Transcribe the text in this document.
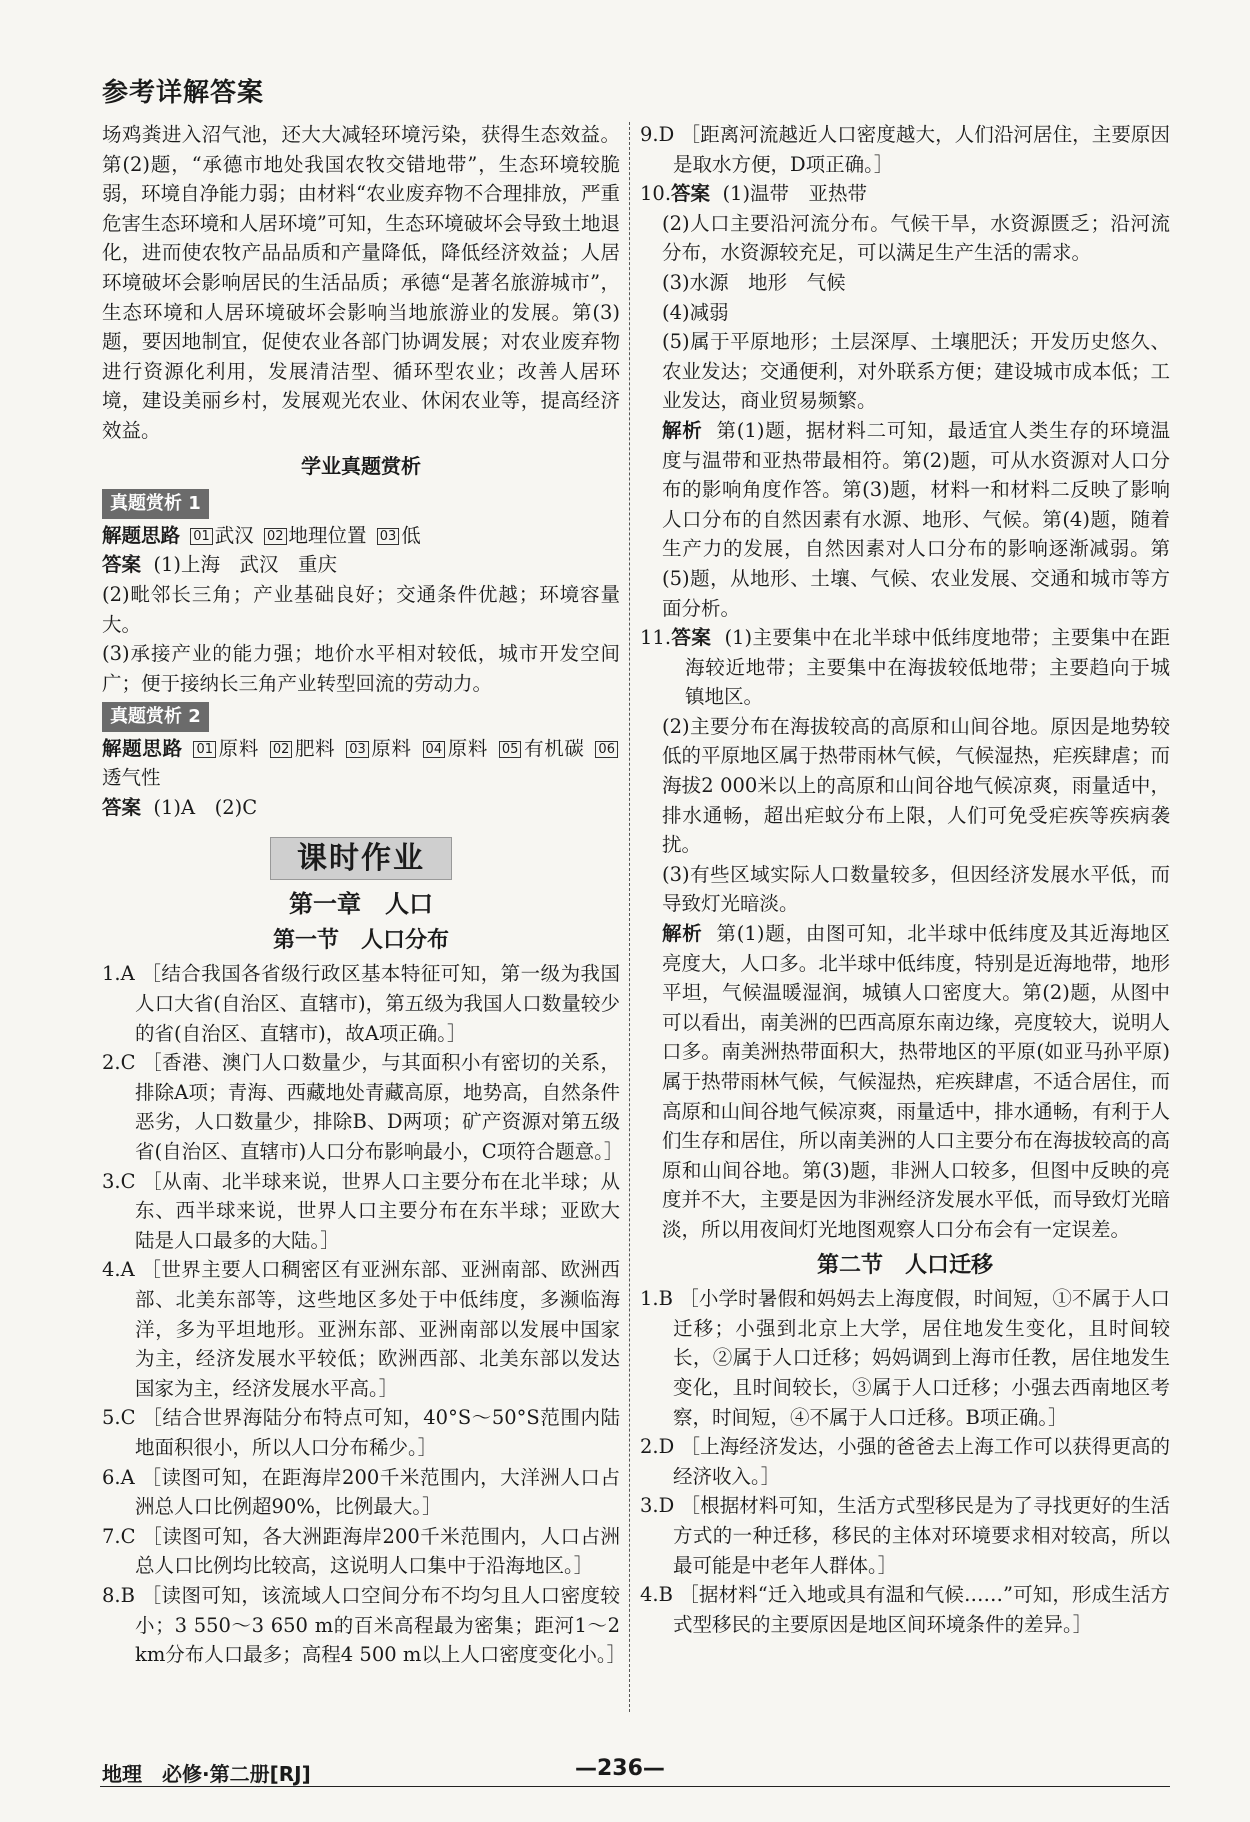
参考详解答案

场鸡粪进入沼气池，还大大减轻环境污染，获得生态效益。第(2)题，“承德市地处我国农牧交错地带”，生态环境较脆弱，环境自净能力弱；由材料“农业废弃物不合理排放，严重危害生态环境和人居环境”可知，生态环境破坏会导致土地退化，进而使农牧产品品质和产量降低，降低经济效益；人居环境破坏会影响居民的生活品质；承德“是著名旅游城市”，生态环境和人居环境破坏会影响当地旅游业的发展。第(3)题，要因地制宜，促使农业各部门协调发展；对农业废弃物进行资源化利用，发展清洁型、循环型农业；改善人居环境，建设美丽乡村，发展观光农业、休闲农业等，提高经济效益。

学业真题赏析
真题赏析 1

解题思路 01 武汉 02 地理位置 03 低

答案 (1)上海　武汉　重庆

(2)毗邻长三角；产业基础良好；交通条件优越；环境容量大。

(3)承接产业的能力强；地价水平相对较低，城市开发空间广；便于接纳长三角产业转型回流的劳动力。

真题赏析 2

解题思路 01 原料 02 肥料 03 原料 04 原料 05 有机碳 06透气性

答案 (1)A　(2)C

课时作业
第一章　人口
第一节　人口分布

1.A ［结合我国各省级行政区基本特征可知，第一级为我国人口大省(自治区、直辖市)，第五级为我国人口数量较少的省(自治区、直辖市)，故A项正确。］

2.C ［香港、澳门人口数量少，与其面积小有密切的关系，排除A项；青海、西藏地处青藏高原，地势高，自然条件恶劣，人口数量少，排除B、D两项；矿产资源对第五级省(自治区、直辖市)人口分布影响最小，C项符合题意。］

3.C ［从南、北半球来说，世界人口主要分布在北半球；从东、西半球来说，世界人口主要分布在东半球；亚欧大陆是人口最多的大陆。］

4.A ［世界主要人口稠密区有亚洲东部、亚洲南部、欧洲西部、北美东部等，这些地区多处于中低纬度，多濒临海洋，多为平坦地形。亚洲东部、亚洲南部以发展中国家为主，经济发展水平较低；欧洲西部、北美东部以发达国家为主，经济发展水平高。］

5.C ［结合世界海陆分布特点可知，40°S～50°S范围内陆地面积很小，所以人口分布稀少。］

6.A ［读图可知，在距海岸200千米范围内，大洋洲人口占洲总人口比例超90%，比例最大。］

7.C ［读图可知，各大洲距海岸200千米范围内，人口占洲总人口比例均比较高，这说明人口集中于沿海地区。］

8.B ［读图可知，该流域人口空间分布不均匀且人口密度较小；3 550～3 650 m的百米高程最为密集；距河1～2 km分布人口最多；高程4 500 m以上人口密度变化小。］

9.D ［距离河流越近人口密度越大，人们沿河居住，主要原因是取水方便，D项正确。］

10.答案 (1)温带　亚热带

(2)人口主要沿河流分布。气候干旱，水资源匮乏；沿河流分布，水资源较充足，可以满足生产生活的需求。

(3)水源　地形　气候

(4)减弱

(5)属于平原地形；土层深厚、土壤肥沃；开发历史悠久、农业发达；交通便利，对外联系方便；建设城市成本低；工业发达，商业贸易频繁。

解析 第(1)题，据材料二可知，最适宜人类生存的环境温度与温带和亚热带最相符。第(2)题，可从水资源对人口分布的影响角度作答。第(3)题，材料一和材料二反映了影响人口分布的自然因素有水源、地形、气候。第(4)题，随着生产力的发展，自然因素对人口分布的影响逐渐减弱。第(5)题，从地形、土壤、气候、农业发展、交通和城市等方面分析。

11.答案 (1)主要集中在北半球中低纬度地带；主要集中在距海较近地带；主要集中在海拔较低地带；主要趋向于城镇地区。

(2)主要分布在海拔较高的高原和山间谷地。原因是地势较低的平原地区属于热带雨林气候，气候湿热，疟疾肆虐；而海拔2 000米以上的高原和山间谷地气候凉爽，雨量适中，排水通畅，超出疟蚊分布上限，人们可免受疟疾等疾病袭扰。

(3)有些区域实际人口数量较多，但因经济发展水平低，而导致灯光暗淡。

解析 第(1)题，由图可知，北半球中低纬度及其近海地区亮度大，人口多。北半球中低纬度，特别是近海地带，地形平坦，气候温暖湿润，城镇人口密度大。第(2)题，从图中可以看出，南美洲的巴西高原东南边缘，亮度较大，说明人口多。南美洲热带面积大，热带地区的平原(如亚马孙平原)属于热带雨林气候，气候湿热，疟疾肆虐，不适合居住，而高原和山间谷地气候凉爽，雨量适中，排水通畅，有利于人们生存和居住，所以南美洲的人口主要分布在海拔较高的高原和山间谷地。第(3)题，非洲人口较多，但图中反映的亮度并不大，主要是因为非洲经济发展水平低，而导致灯光暗淡，所以用夜间灯光地图观察人口分布会有一定误差。

第二节　人口迁移

1.B ［小学时暑假和妈妈去上海度假，时间短，①不属于人口迁移；小强到北京上大学，居住地发生变化，且时间较长，②属于人口迁移；妈妈调到上海市任教，居住地发生变化，且时间较长，③属于人口迁移；小强去西南地区考察，时间短，④不属于人口迁移。B项正确。］

2.D ［上海经济发达，小强的爸爸去上海工作可以获得更高的经济收入。］

3.D ［根据材料可知，生活方式型移民是为了寻找更好的生活方式的一种迁移，移民的主体对环境要求相对较高，所以最可能是中老年人群体。］

4.B ［据材料“迁入地或具有温和气候……”可知，形成生活方式型移民的主要原因是地区间环境条件的差异。］

地理　必修·第二册[RJ]	—236—
